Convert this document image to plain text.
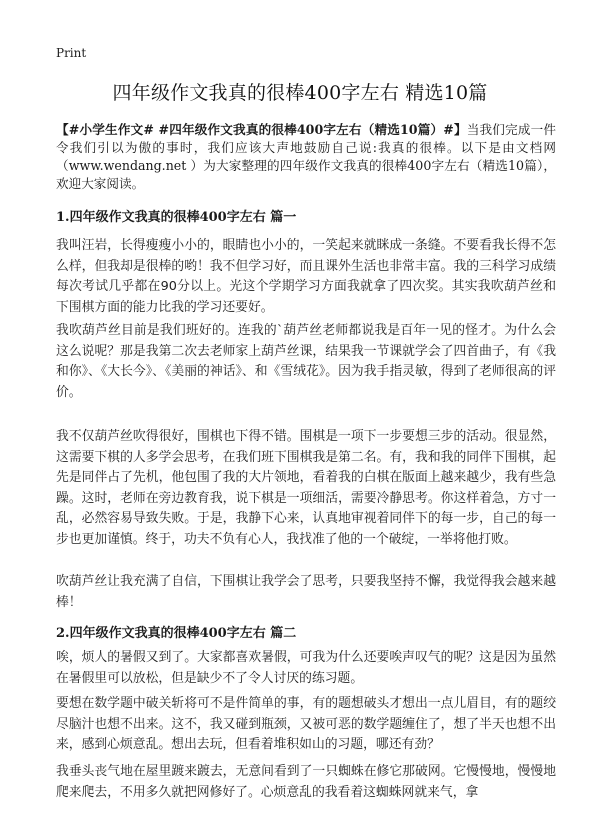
Print
四年级作文我真的很棒400字左右 精选10篇
【#小学生作文# #四年级作文我真的很棒400字左右（精选10篇）#】当我们完成一件令我们引以为傲的事时，我们应该大声地鼓励自己说:我真的很棒。以下是由文档网（www.wendang.net ）为大家整理的四年级作文我真的很棒400字左右（精选10篇），欢迎大家阅读。
1.四年级作文我真的很棒400字左右 篇一
我叫汪岩，长得瘦瘦小小的，眼睛也小小的，一笑起来就眯成一条缝。不要看我长得不怎么样，但我却是很棒的哟！我不但学习好，而且课外生活也非常丰富。我的三科学习成绩每次考试几乎都在90分以上。光这个学期学习方面我就拿了四次奖。其实我吹葫芦丝和下围棋方面的能力比我的学习还要好。
我吹葫芦丝目前是我们班好的。连我的`葫芦丝老师都说我是百年一见的怪才。为什么会这么说呢？那是我第二次去老师家上葫芦丝课，结果我一节课就学会了四首曲子，有《我和你》、《大长今》、《美丽的神话》、和《雪绒花》。因为我手指灵敏，得到了老师很高的评价。
我不仅葫芦丝吹得很好，围棋也下得不错。围棋是一项下一步要想三步的活动。很显然，这需要下棋的人多学会思考，在我们班下围棋我是第二名。有，我和我的同伴下围棋，起先是同伴占了先机，他包围了我的大片领地，看着我的白棋在版面上越来越少，我有些急躁。这时，老师在旁边教育我，说下棋是一项细活，需要冷静思考。你这样着急，方寸一乱，必然容易导致失败。于是，我静下心来，认真地审视着同伴下的每一步，自己的每一步也更加谨慎。终于，功夫不负有心人，我找准了他的一个破绽，一举将他打败。
吹葫芦丝让我充满了自信，下围棋让我学会了思考，只要我坚持不懈，我觉得我会越来越棒！
2.四年级作文我真的很棒400字左右 篇二
唉，烦人的暑假又到了。大家都喜欢暑假，可我为什么还要唉声叹气的呢？这是因为虽然在暑假里可以放松，但是缺少不了令人讨厌的练习题。
要想在数学题中破关斩将可不是件简单的事，有的题想破头才想出一点儿眉目，有的题绞尽脑汁也想不出来。这不，我又碰到瓶颈，又被可恶的数学题缠住了，想了半天也想不出来，感到心烦意乱。想出去玩，但看着堆积如山的习题，哪还有劲？
我垂头丧气地在屋里踱来踱去，无意间看到了一只蜘蛛在修它那破网。它慢慢地，慢慢地爬来爬去，不用多久就把网修好了。心烦意乱的我看着这蜘蛛网就来气，拿
